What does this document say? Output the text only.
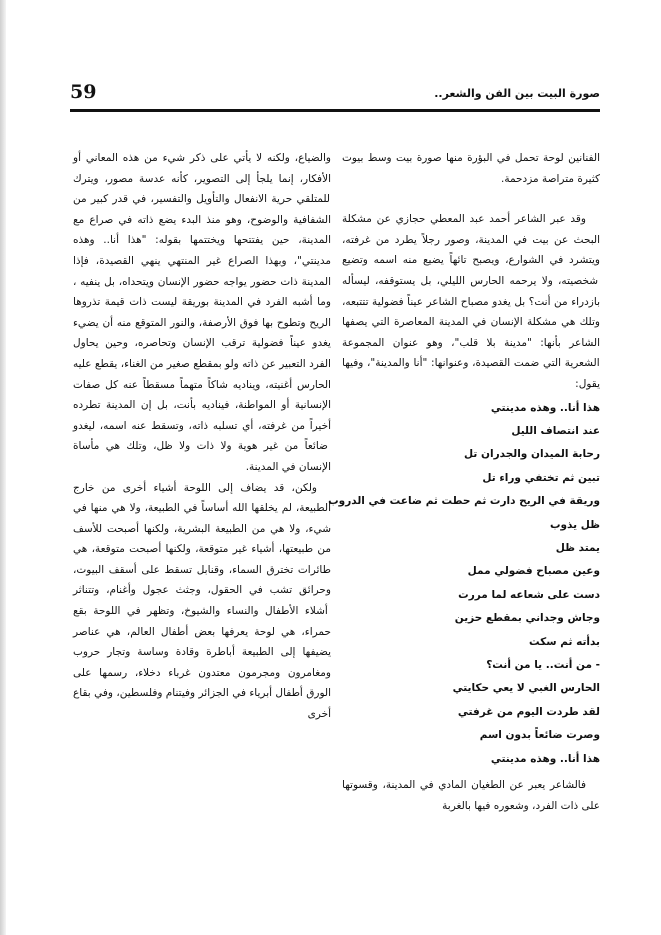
59	صورة البيت بين الفن والشعر..

الفنانين لوحة تحمل في البؤرة منها صورة بيت وسط بيوت كثيرة متراصة مزدحمة.

وقد عبر الشاعر أحمد عبد المعطي حجازي عن مشكلة البحث عن بيت في المدينة، وصور رجلاً يطرد من غرفته، ويتشرد في الشوارع، ويصبح تائهاً يضيع منه اسمه وتضيع شخصيته، ولا يرحمه الحارس الليلي، بل يستوقفه، ليسأله بازدراء من أنت؟ بل يغدو مصباح الشاعر عيناً فضولية تتتبعه، وتلك هي مشكلة الإنسان في المدينة المعاصرة التي يصفها الشاعر بأنها: "مدينة بلا قلب"، وهو عنوان المجموعة الشعرية التي ضمت القصيدة، وعنوانها: "أنا والمدينة"، وفيها يقول:

هذا أنا.. وهذه مدينتي
عند انتصاف الليل
رحابة الميدان والجدران تل
تبين ثم تختفي وراء تل
وريقة في الريح دارت ثم حطت ثم ضاعت في الدروب
ظل يذوب
يمتد ظل
وعين مصباح فضولي ممل
دست على شعاعه لما مررت
وجاش وجداني بمقطع حزين
بدأته ثم سكت
- من أنت.. يا من أنت؟
الحارس الغبي لا يعي حكايتي
لقد طردت اليوم من غرفتي
وصرت ضائعاً بدون اسم
هذا أنا.. وهذه مدينتي

فالشاعر يعبر عن الطغيان المادي في المدينة، وقسوتها على ذات الفرد، وشعوره فيها بالغربة

والضياع، ولكنه لا يأتي على ذكر شيء من هذه المعاني أو الأفكار، إنما يلجأ إلى التصوير، كأنه عدسة مصور، ويترك للمتلقي حرية الانفعال والتأويل والتفسير، في قدر كبير من الشفافية والوضوح، وهو منذ البدء يضع ذاته في صراع مع المدينة، حين يفتتحها ويختتمها بقوله: "هذا أنا.. وهذه مدينتي"، وبهذا الصراع غير المنتهي ينهي القصيدة، فإذا المدينة ذات حضور يواجه حضور الإنسان ويتحداه، بل ينفيه ، وما أشبه الفرد في المدينة بوريقة ليست ذات قيمة تذروها الريح وتطوح بها فوق الأرصفة، والنور المتوقع منه أن يضيء يغدو عيناً فضولية ترقب الإنسان وتحاصره، وحين يحاول الفرد التعبير عن ذاته ولو بمقطع صغير من الغناء، يقطع عليه الحارس أغنيته، ويناديه شاكاً متهماً مسقطاً عنه كل صفات الإنسانية أو المواطنة، فيناديه بأنت، بل إن المدينة تطرده أخيراً من غرفته، أي تسلبه ذاته، وتسقط عنه اسمه، ليغدو ضائعاً من غير هوية ولا ذات ولا ظل، وتلك هي مأساة الإنسان في المدينة.

ولكن، قد يضاف إلى اللوحة أشياء أخرى من خارج الطبيعة، لم يخلقها الله أساساً في الطبيعة، ولا هي منها في شيء، ولا هي من الطبيعة البشرية، ولكنها أصبحت للأسف من طبيعتها، أشياء غير متوقعة، ولكنها أصبحت متوقعة، هي طائرات تخترق السماء، وقنابل تسقط على أسقف البيوت، وحرائق تشب في الحقول، وجثث عجول وأغنام، وتتناثر أشلاء الأطفال والنساء والشيوخ، وتظهر في اللوحة بقع حمراء، هي لوحة يعرفها بعض أطفال العالم، هي عناصر يضيفها إلى الطبيعة أباطرة وقادة وساسة وتجار حروب ومغامرون ومجرمون معتدون غرباء دخلاء، رسمها على الورق أطفال أبرياء في الجزائر وفيتنام وفلسطين، وفي بقاع أخرى
